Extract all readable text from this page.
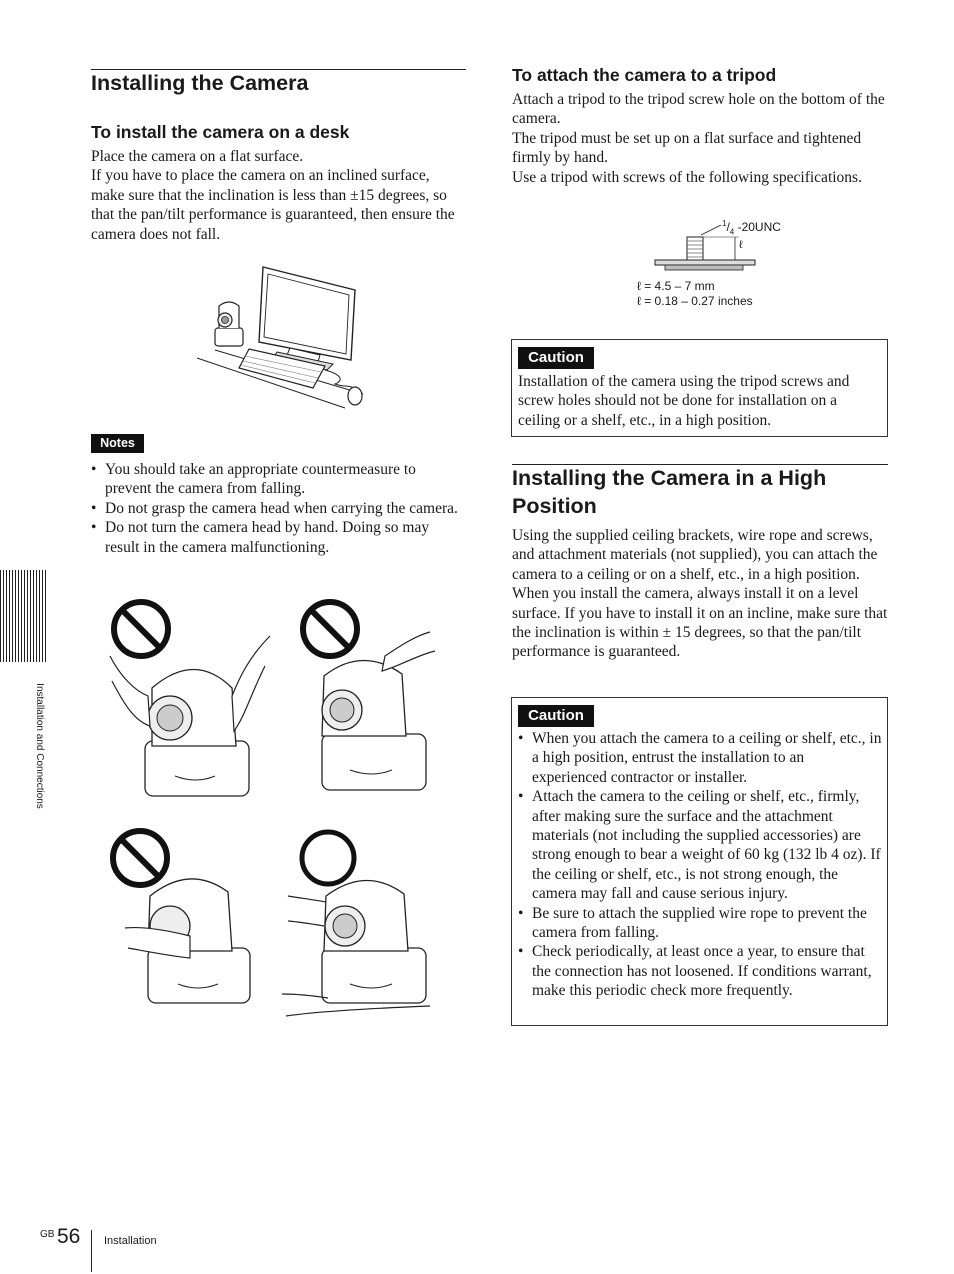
Installing the Camera
To install the camera on a desk

Place the camera on a flat surface.

If you have to place the camera on an inclined surface, make sure that the inclination is less than ±15 degrees, so that the pan/tilt performance is guaranteed, then ensure the camera does not fall.

Notes
• You should take an appropriate countermeasure to prevent the camera from falling.
• Do not grasp the camera head when carrying the camera.
• Do not turn the camera head by hand. Doing so may result in the camera malfunctioning.
To attach the camera to a tripod

Attach a tripod to the tripod screw hole on the bottom of the camera.

The tripod must be set up on a flat surface and tightened firmly by hand.

Use a tripod with screws of the following specifications.

$^1/_4$ -20UNC
ℓ
ℓ = 4.5 – 7 mm
ℓ = 0.18 – 0.27 inches
Caution

Installation of the camera using the tripod screws and screw holes should not be done for installation on a ceiling or a shelf, etc., in a high position.

Installing the Camera in a High
Position

Using the supplied ceiling brackets, wire rope and screws, and attachment materials (not supplied), you can attach the camera to a ceiling or on a shelf, etc., in a high position.

When you install the camera, always install it on a level surface. If you have to install it on an incline, make sure that the inclination is within ± 15 degrees, so that the pan/tilt performance is guaranteed.

Caution
• When you attach the camera to a ceiling or shelf, etc., in a high position, entrust the installation to an experienced contractor or installer.
• Attach the camera to the ceiling or shelf, etc., firmly, after making sure the surface and the attachment materials (not including the supplied accessories) are strong enough to bear a weight of 60 kg (132 lb 4 oz). If the ceiling or shelf, etc., is not strong enough, the camera may fall and cause serious injury.
• Be sure to attach the supplied wire rope to prevent the camera from falling.
• Check periodically, at least once a year, to ensure that the connection has not loosened. If conditions warrant, make this periodic check more frequently.
Installation and Connections
GB 56 Installation
